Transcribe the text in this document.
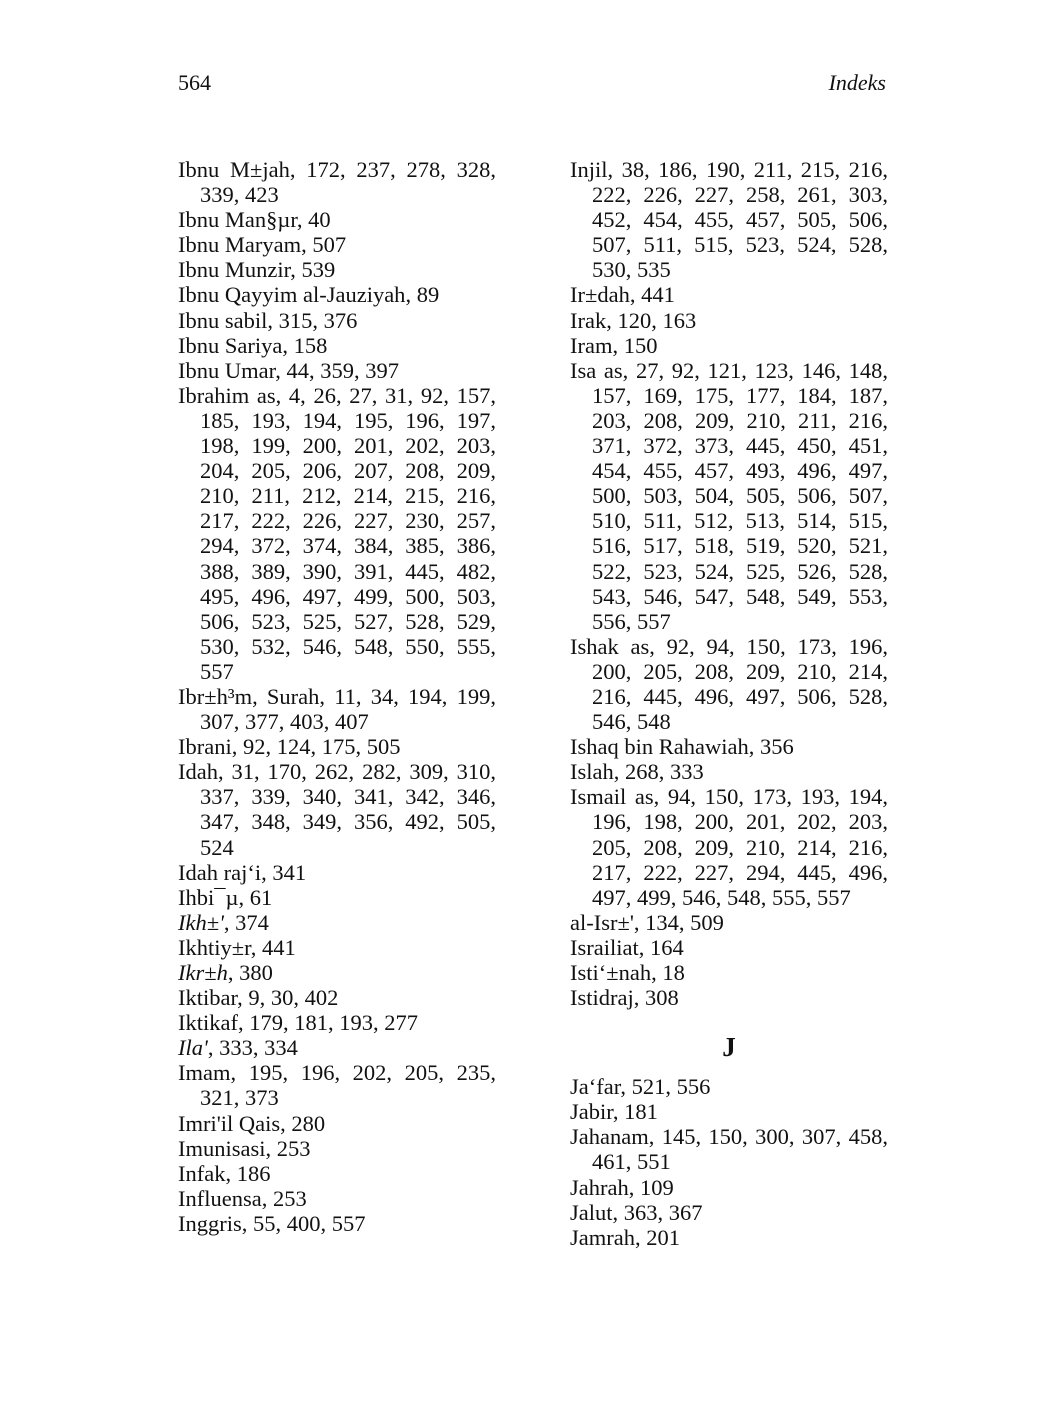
564	Indeks

Ibnu M±jah, 172, 237, 278, 328, 339, 423

Ibnu Man§µr, 40

Ibnu Maryam, 507

Ibnu Munzir, 539

Ibnu Qayyim al-Jauziyah, 89

Ibnu sabil, 315, 376

Ibnu Sariya, 158

Ibnu Umar, 44, 359, 397

Ibrahim as, 4, 26, 27, 31, 92, 157, 185, 193, 194, 195, 196, 197, 198, 199, 200, 201, 202, 203, 204, 205, 206, 207, 208, 209, 210, 211, 212, 214, 215, 216, 217, 222, 226, 227, 230, 257, 294, 372, 374, 384, 385, 386, 388, 389, 390, 391, 445, 482, 495, 496, 497, 499, 500, 503, 506, 523, 525, 527, 528, 529, 530, 532, 546, 548, 550, 555, 557

Ibr±h³m, Surah, 11, 34, 194, 199, 307, 377, 403, 407

Ibrani, 92, 124, 175, 505

Idah, 31, 170, 262, 282, 309, 310, 337, 339, 340, 341, 342, 346, 347, 348, 349, 356, 492, 505, 524

Idah raj‘i, 341

Ihbi¯µ, 61

Ikh±', 374

Ikhtiy±r, 441

Ikr±h, 380

Iktibar, 9, 30, 402

Iktikaf, 179, 181, 193, 277

Ila', 333, 334

Imam, 195, 196, 202, 205, 235, 321, 373

Imri'il Qais, 280

Imunisasi, 253

Infak, 186

Influensa, 253

Inggris, 55, 400, 557

Injil, 38, 186, 190, 211, 215, 216, 222, 226, 227, 258, 261, 303, 452, 454, 455, 457, 505, 506, 507, 511, 515, 523, 524, 528, 530, 535

Ir±dah, 441

Irak, 120, 163

Iram, 150

Isa as, 27, 92, 121, 123, 146, 148, 157, 169, 175, 177, 184, 187, 203, 208, 209, 210, 211, 216, 371, 372, 373, 445, 450, 451, 454, 455, 457, 493, 496, 497, 500, 503, 504, 505, 506, 507, 510, 511, 512, 513, 514, 515, 516, 517, 518, 519, 520, 521, 522, 523, 524, 525, 526, 528, 543, 546, 547, 548, 549, 553, 556, 557

Ishak as, 92, 94, 150, 173, 196, 200, 205, 208, 209, 210, 214, 216, 445, 496, 497, 506, 528, 546, 548

Ishaq bin Rahawiah, 356

Islah, 268, 333

Ismail as, 94, 150, 173, 193, 194, 196, 198, 200, 201, 202, 203, 205, 208, 209, 210, 214, 216, 217, 222, 227, 294, 445, 496, 497, 499, 546, 548, 555, 557

al-Isr±', 134, 509

Israiliat, 164

Isti‘±nah, 18

Istidraj, 308

J

Ja‘far, 521, 556

Jabir, 181

Jahanam, 145, 150, 300, 307, 458, 461, 551

Jahrah, 109

Jalut, 363, 367

Jamrah, 201
